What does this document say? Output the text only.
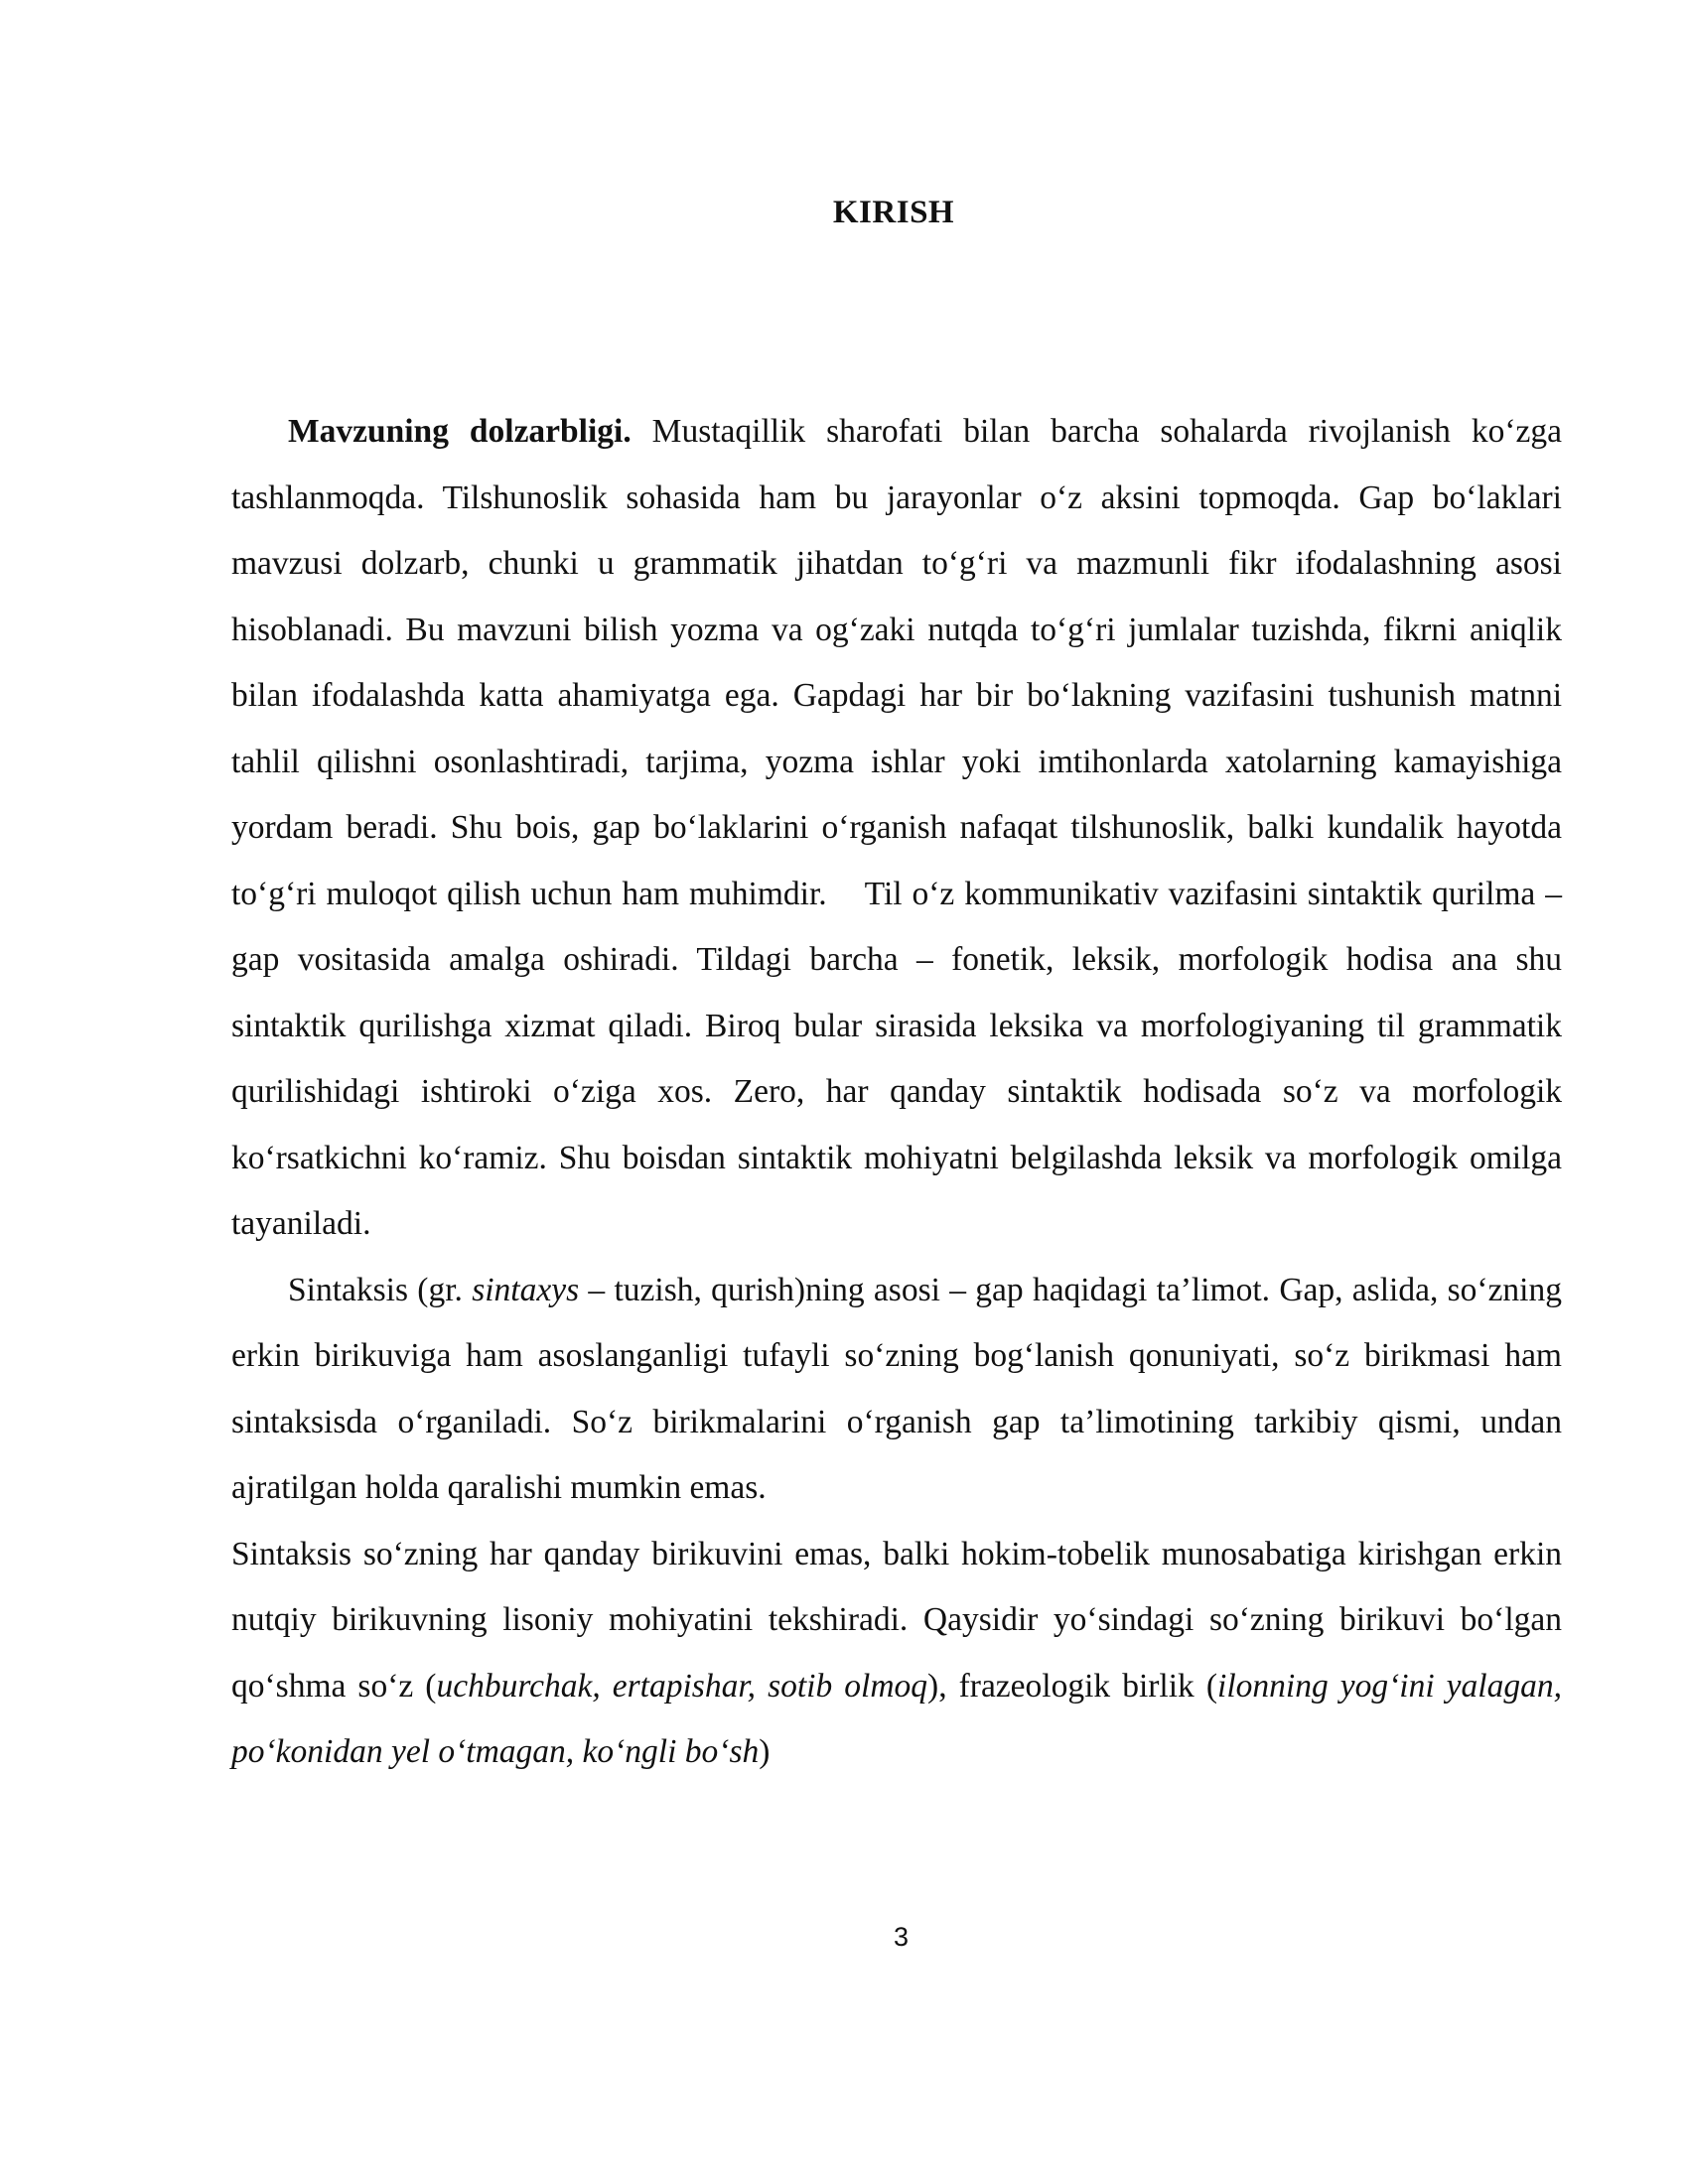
KIRISH

Mavzuning dolzarbligi. Mustaqillik sharofati bilan barcha sohalarda rivojlanish ko‘zga tashlanmoqda. Tilshunoslik sohasida ham bu jarayonlar o‘z aksini topmoqda. Gap bo‘laklari mavzusi dolzarb, chunki u grammatik jihatdan to‘g‘ri va mazmunli fikr ifodalashning asosi hisoblanadi. Bu mavzuni bilish yozma va og‘zaki nutqda to‘g‘ri jumlalar tuzishda, fikrni aniqlik bilan ifodalashda katta ahamiyatga ega. Gapdagi har bir bo‘lakning vazifasini tushunish matnni tahlil qilishni osonlashtiradi, tarjima, yozma ishlar yoki imtihonlarda xatolarning kamayishiga yordam beradi. Shu bois, gap bo‘laklarini o‘rganish nafaqat tilshunoslik, balki kundalik hayotda to‘g‘ri muloqot qilish uchun ham muhimdir. Til o‘z kommunikativ vazifasini sintaktik qurilma – gap vositasida amalga oshiradi. Tildagi barcha – fonetik, leksik, morfologik hodisa ana shu sintaktik qurilishga xizmat qiladi. Biroq bular sirasida leksika va morfologiyaning til grammatik qurilishidagi ishtiroki o‘ziga xos. Zero, har qanday sintaktik hodisada so‘z va morfologik ko‘rsatkichni ko‘ramiz. Shu boisdan sintaktik mohiyatni belgilashda leksik va morfologik omilga tayaniladi.

Sintaksis (gr. sintaxys – tuzish, qurish)ning asosi – gap haqidagi ta’limot. Gap, aslida, so‘zning erkin birikuviga ham asoslanganligi tufayli so‘zning bog‘lanish qonuniyati, so‘z birikmasi ham sintaksisda o‘rganiladi. So‘z birikmalarini o‘rganish gap ta’limotining tarkibiy qismi, undan ajratilgan holda qaralishi mumkin emas.

Sintaksis so‘zning har qanday birikuvini emas, balki hokim-tobelik munosabatiga kirishgan erkin nutqiy birikuvning lisoniy mohiyatini tekshiradi. Qaysidir yo‘sindagi so‘zning birikuvi bo‘lgan qo‘shma so‘z (uchburchak, ertapishar, sotib olmoq), frazeologik birlik (ilonning yog‘ini yalagan, po‘konidan yel o‘tmagan, ko‘ngli bo‘sh)

3
